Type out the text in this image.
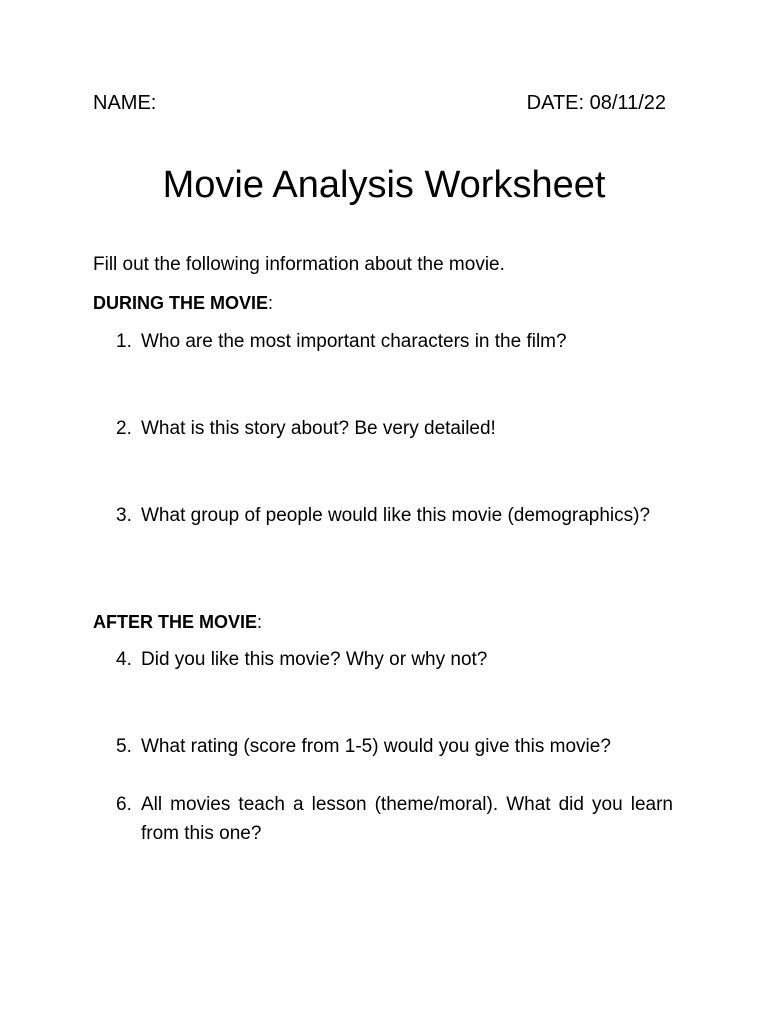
NAME:	DATE: 08/11/22
Movie Analysis Worksheet
Fill out the following information about the movie.
DURING THE MOVIE:
1. Who are the most important characters in the film?
2. What is this story about? Be very detailed!
3. What group of people would like this movie (demographics)?
AFTER THE MOVIE:
4. Did you like this movie? Why or why not?
5. What rating (score from 1-5) would you give this movie?
6. All movies teach a lesson (theme/moral). What did you learn from this one?
